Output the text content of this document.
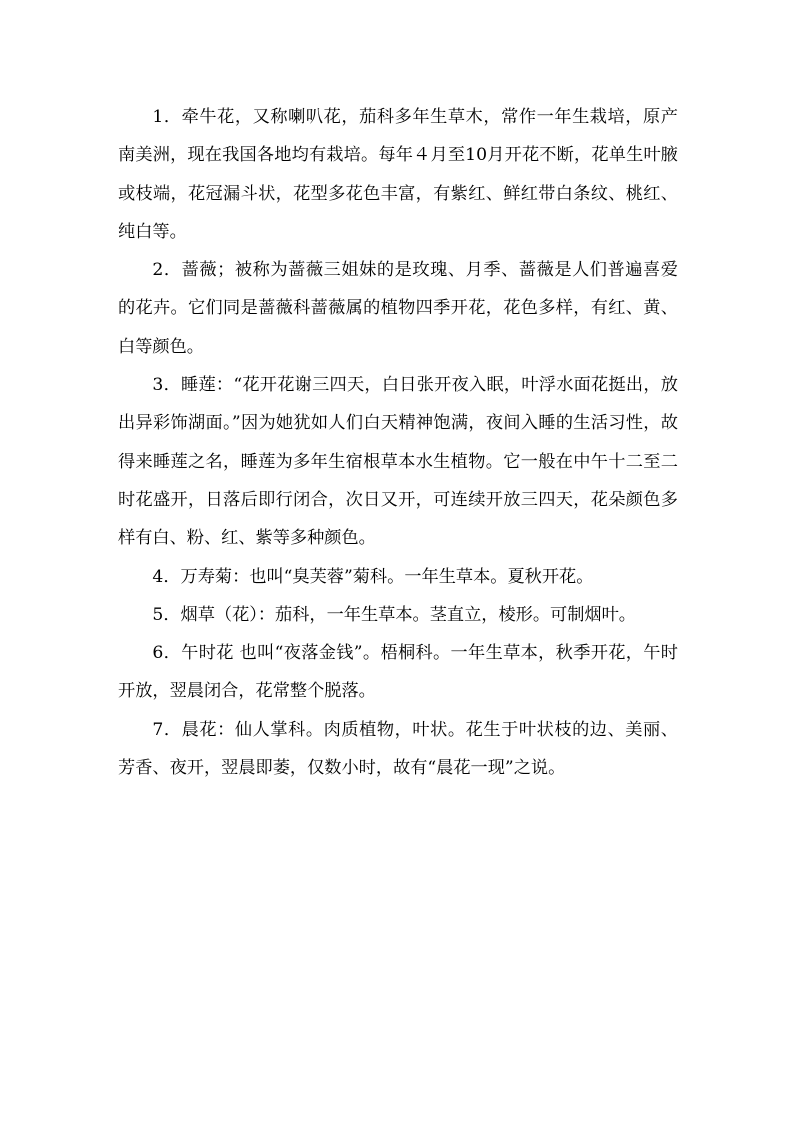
1．牵牛花，又称喇叭花，茄科多年生草木，常作一年生栽培，原产南美洲，现在我国各地均有栽培。每年４月至10月开花不断，花单生叶腋或枝端，花冠漏斗状，花型多花色丰富，有紫红、鲜红带白条纹、桃红、纯白等。

2．蔷薇；被称为蔷薇三姐妹的是玫瑰、月季、蔷薇是人们普遍喜爱的花卉。它们同是蔷薇科蔷薇属的植物四季开花，花色多样，有红、黄、白等颜色。

3．睡莲：“花开花谢三四天，白日张开夜入眠，叶浮水面花挺出，放出异彩饰湖面。”因为她犹如人们白天精神饱满，夜间入睡的生活习性，故得来睡莲之名，睡莲为多年生宿根草本水生植物。它一般在中午十二至二时花盛开，日落后即行闭合，次日又开，可连续开放三四天，花朵颜色多样有白、粉、红、紫等多种颜色。

4．万寿菊：也叫“臭芙蓉”菊科。一年生草本。夏秋开花。

5．烟草（花）：茄科，一年生草本。茎直立，棱形。可制烟叶。

6．午时花 也叫“夜落金钱”。梧桐科。一年生草本，秋季开花，午时开放，翌晨闭合，花常整个脱落。

7．晨花：仙人掌科。肉质植物，叶状。花生于叶状枝的边、美丽、芳香、夜开，翌晨即萎，仅数小时，故有“晨花一现”之说。
